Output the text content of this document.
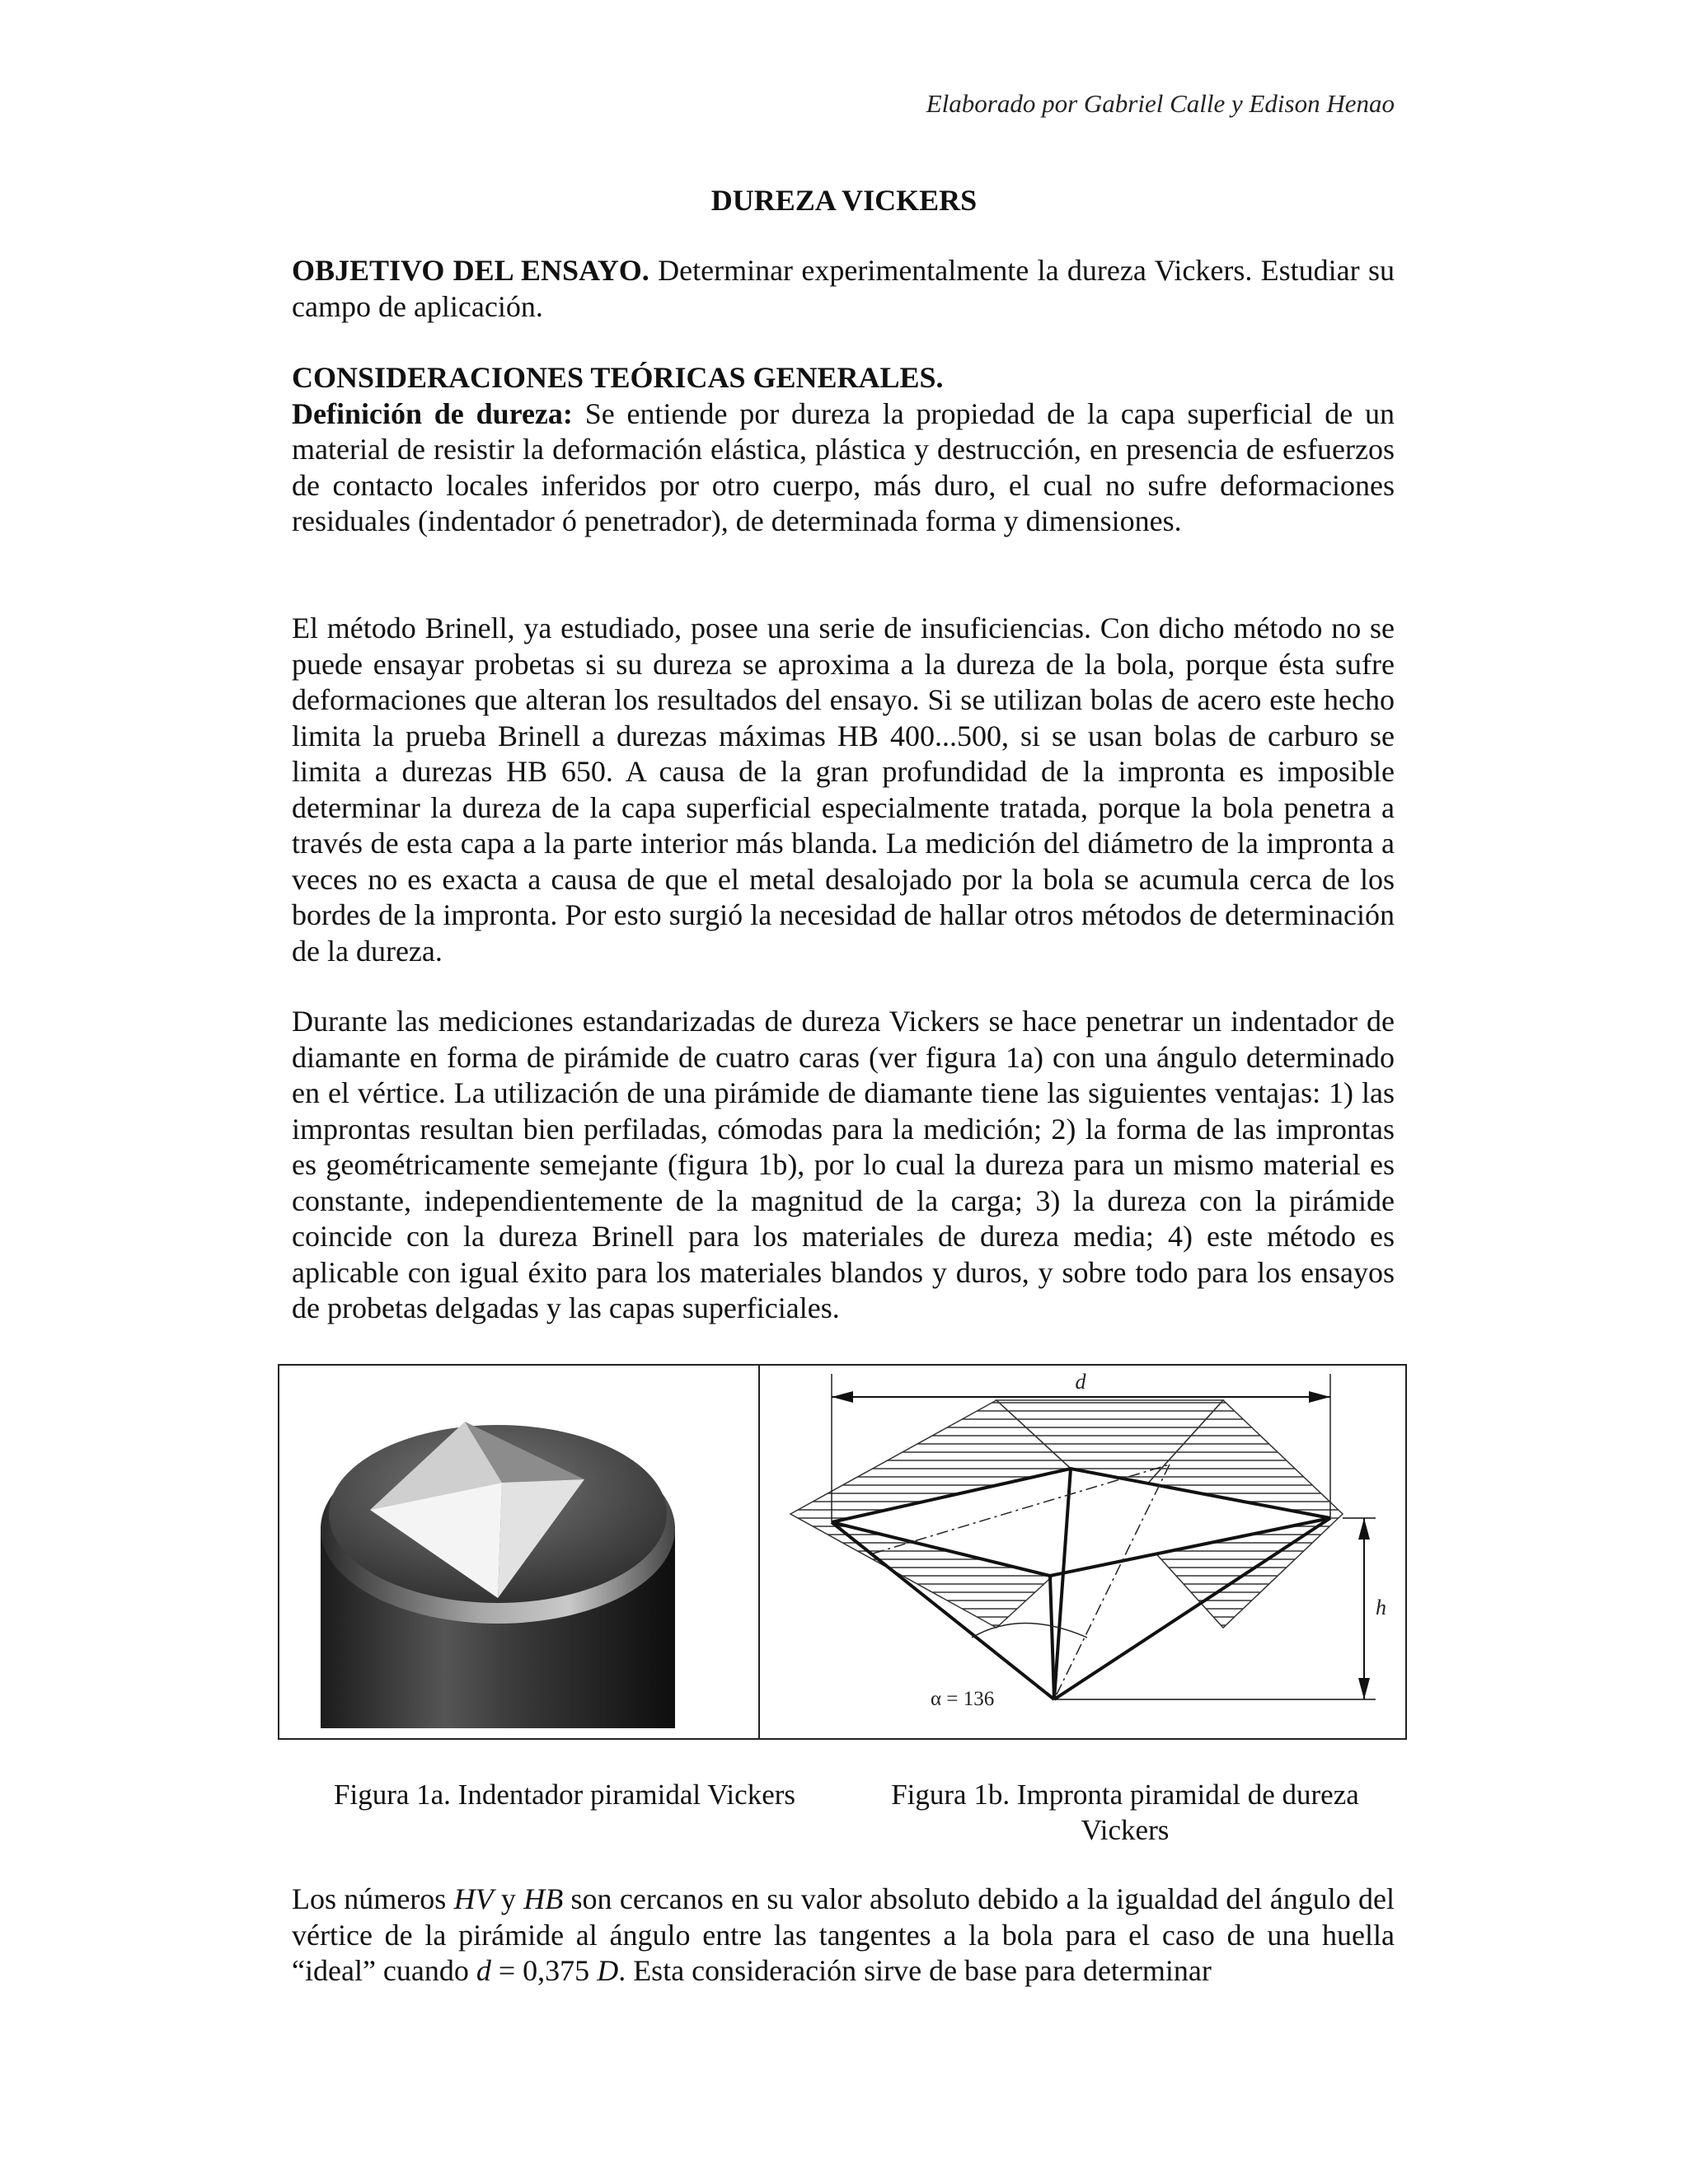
Elaborado por Gabriel Calle y Edison Henao
DUREZA VICKERS

OBJETIVO DEL ENSAYO. Determinar experimentalmente la dureza Vickers. Estudiar su campo de aplicación.

CONSIDERACIONES TEÓRICAS GENERALES.

Definición de dureza: Se entiende por dureza la propiedad de la capa superficial de un material de resistir la deformación elástica, plástica y destrucción, en presencia de esfuerzos de contacto locales inferidos por otro cuerpo, más duro, el cual no sufre deformaciones residuales (indentador ó penetrador), de determinada forma y dimensiones.

El método Brinell, ya estudiado, posee una serie de insuficiencias. Con dicho método no se puede ensayar probetas si su dureza se aproxima a la dureza de la bola, porque ésta sufre deformaciones que alteran los resultados del ensayo. Si se utilizan bolas de acero este hecho limita la prueba Brinell a durezas máximas HB 400...500, si se usan bolas de carburo se limita a durezas HB 650. A causa de la gran profundidad de la impronta es imposible determinar la dureza de la capa superficial especialmente tratada, porque la bola penetra a través de esta capa a la parte interior más blanda. La medición del diámetro de la impronta a veces no es exacta a causa de que el metal desalojado por la bola se acumula cerca de los bordes de la impronta. Por esto surgió la necesidad de hallar otros métodos de determinación de la dureza.

Durante las mediciones estandarizadas de dureza Vickers se hace penetrar un indentador de diamante en forma de pirámide de cuatro caras (ver figura 1a) con una ángulo determinado en el vértice. La utilización de una pirámide de diamante tiene las siguientes ventajas: 1) las improntas resultan bien perfiladas, cómodas para la medición; 2) la forma de las improntas es geométricamente semejante (figura 1b), por lo cual la dureza para un mismo material es constante, independientemente de la magnitud de la carga; 3) la dureza con la pirámide coincide con la dureza Brinell para los materiales de dureza media; 4) este método es aplicable con igual éxito para los materiales blandos y duros, y sobre todo para los ensayos de probetas delgadas y las capas superficiales.

d
h
α = 136
Figura 1a. Indentador piramidal Vickers	Figura 1b. Impronta piramidal de dureza Vickers

Los números HV y HB son cercanos en su valor absoluto debido a la igualdad del ángulo del vértice de la pirámide al ángulo entre las tangentes a la bola para el caso de una huella “ideal” cuando d = 0,375 D. Esta consideración sirve de base para determinar
